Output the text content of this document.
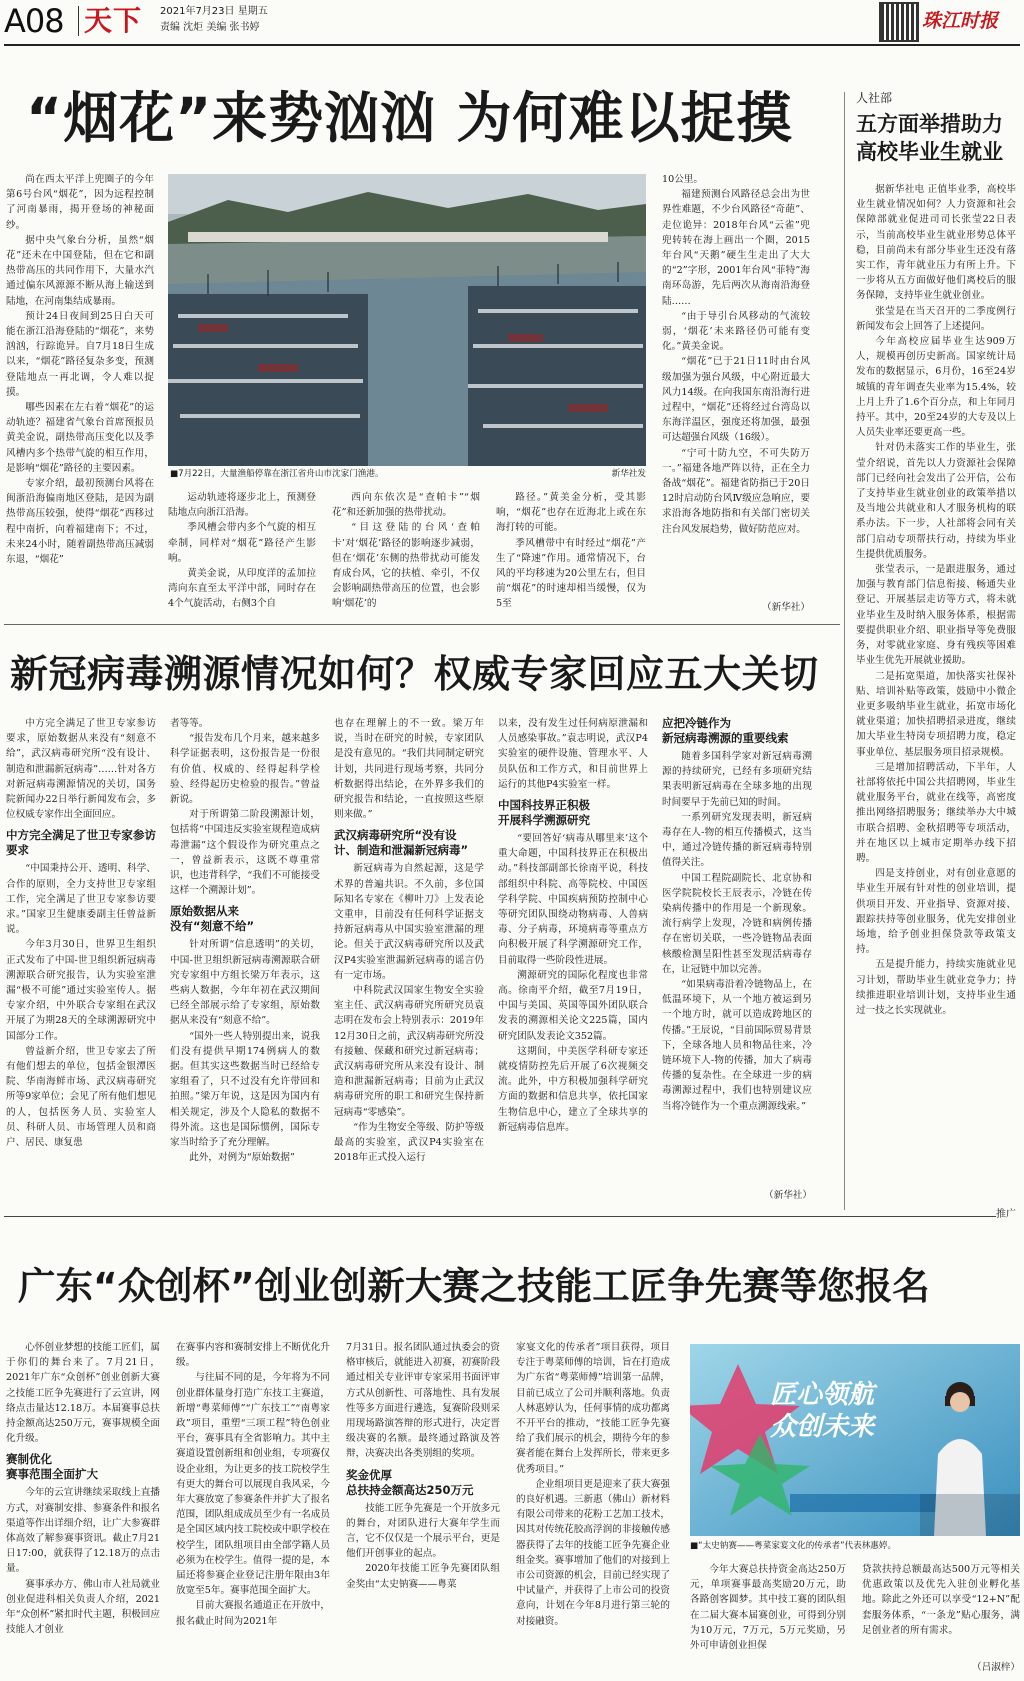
A08 天下 2021年7月23日 星期五
责编 沈炬 美编 张书婷	珠江时报
“烟花”来势汹汹 为何难以捉摸

尚在西太平洋上兜圈子的今年第6号台风“烟花”，因为远程控制了河南暴雨，揭开登场的神秘面纱。

据中央气象台分析，虽然“烟花”还未在中国登陆，但在它和副热带高压的共同作用下，大量水汽通过偏东风源源不断从海上输送到陆地，在河南集结成暴雨。

预计24日夜间到25日白天可能在浙江沿海登陆的“烟花”，来势汹汹，行踪诡异。自7月18日生成以来，“烟花”路径复杂多变，预测登陆地点一再北调，令人难以捉摸。

哪些因素在左右着“烟花”的运动轨迹？福建省气象台首席预报员黄美金说，副热带高压变化以及季风槽内多个热带气旋的相互作用，是影响“烟花”路径的主要因素。

专家介绍，最初预测台风将在闽浙沿海偏南地区登陆，是因为副热带高压较强，使得“烟花”西移过程中南折，向着福建南下；不过，未来24小时，随着副热带高压减弱东退，“烟花”

■7月22日，大量渔船停靠在浙江省舟山市沈家门渔港。	新华社发

运动轨迹将逐步北上，预测登陆地点向浙江沿海。

季风槽会带内多个气旋的相互牵制，同样对“烟花”路径产生影响。

黄美金说，从印度洋的孟加拉湾向东直至太平洋中部，同时存在4个气旋活动，右侧3个自

西向东依次是“查帕卡”“烟花”和还新加强的热带扰动。

“目这登陆的台风‘查帕卡’对‘烟花’路径的影响逐步减弱，但在‘烟花’东侧的热带扰动可能发育成台风，它的扶植、牵引，不仅会影响副热带高压的位置，也会影响‘烟花’的

路径。”黄美金分析，受其影响，“烟花”也存在近海北上或在东海打转的可能。

季风槽带中有时经过“烟花”产生了“降速”作用。通常情况下，台风的平均移速为20公里左右，但目前“烟花”的时速却相当缓慢，仅为5至

10公里。

福建预测台风路径总会出为世界性难题，不少台风路径“奇葩”、走位诡异：2018年台风“云雀”兜兜转转在海上画出一个圈，2015年台风“天鹅”硬生生走出了大大的“2”字形，2001年台风“菲特”海南环岛游，先后两次从海南沿海登陆……

“由于导引台风移动的气流较弱，‘烟花’未来路径仍可能有变化。”黄美金说。

“烟花”已于21日11时由台风级加强为强台风级，中心附近最大风力14级。在向我国东南沿海行进过程中，“烟花”还将经过台湾岛以东海洋温区，强度还将加强，最强可达超强台风级（16级）。

“宁可十防九空，不可失防万一。”福建各地严阵以待，正在全力备战“烟花”。福建省防指已于20日12时启动防台风Ⅳ级应急响应，要求沿海各地防指和有关部门密切关注台风发展趋势，做好防范应对。

（新华社）
人社部
五方面举措助力
高校毕业生就业

据新华社电 正值毕业季，高校毕业生就业情况如何？人力资源和社会保障部就业促进司司长张莹22日表示，当前高校毕业生就业形势总体平稳，目前尚未有部分毕业生还没有落实工作，青年就业压力有所上升。下一步将从五方面做好他们离校后的服务保障，支持毕业生就业创业。

张莹是在当天召开的二季度例行新闻发布会上回答了上述提问。

今年高校应届毕业生达909万人，规模再创历史新高。国家统计局发布的数据显示，6月份，16至24岁城镇的青年调查失业率为15.4%，较上月上升了1.6个百分点，和上年同月持平。其中，20至24岁的大专及以上人员失业率还要更高一些。

针对仍未落实工作的毕业生，张莹介绍说，首先以人力资源社会保障部门已经向社会发出了公开信，公布了支持毕业生就业创业的政策举措以及当地公共就业和人才服务机构的联系办法。下一步，人社部将会同有关部门启动专项帮扶行动，持续为毕业生提供优质服务。

张莹表示，一是跟进服务，通过加强与教育部门信息衔接、畅通失业登记、开展基层走访等方式，将未就业毕业生及时纳入服务体系，根据需要提供职业介绍、职业指导等免费服务，对零就业家庭、身有残疾等困难毕业生优先开展就业援助。

二是拓宽渠道，加快落实社保补贴、培训补贴等政策，鼓励中小微企业更多吸纳毕业生就业，拓宽市场化就业渠道；加快招聘招录进度，继续加大毕业生特岗专项招聘力度，稳定事业单位、基层服务项目招录规模。

三是增加招聘活动，下半年，人社部将依托中国公共招聘网，毕业生就业服务平台，就业在线等，高密度推出网络招聘服务；继续举办大中城市联合招聘、金秋招聘等专项活动，并在地区以上城市定期举办线下招聘。

四是支持创业，对有创业意愿的毕业生开展有针对性的创业培训，提供项目开发、开业指导、资源对接、跟踪扶持等创业服务，优先安排创业场地，给予创业担保贷款等政策支持。

五是提升能力，持续实施就业见习计划，帮助毕业生就业竞争力；持续推进职业培训计划，支持毕业生通过一技之长实现就业。

新冠病毒溯源情况如何？权威专家回应五大关切

中方完全满足了世卫专家参访要求，原始数据从来没有“刻意不给”，武汉病毒研究所“没有设计、制造和泄漏新冠病毒”……针对各方对新冠病毒溯源情况的关切，国务院新闻办22日举行新闻发布会，多位权威专家作出全面回应。

中方完全满足了世卫专家参访要求

“中国秉持公开、透明、科学、合作的原则，全力支持世卫专家组工作，完全满足了世卫专家参访要求。”国家卫生健康委副主任曾益新说。

今年3月30日，世界卫生组织正式发布了中国-世卫组织新冠病毒溯源联合研究报告，认为实验室泄漏“极不可能”通过实验室传人。据专家介绍，中外联合专家组在武汉开展了为期28天的全球溯源研究中国部分工作。

曾益新介绍，世卫专家去了所有他们想去的单位，包括金银潭医院、华南海鲜市场、武汉病毒研究所等9家单位；会见了所有他们想见的人，包括医务人员、实验室人员、科研人员、市场管理人员和商户、居民、康复患

者等等。

“报告发布几个月来，越来越多科学证据表明，这份报告是一份很有价值、权威的、经得起科学检验、经得起历史检验的报告。”曾益新说。

对于所谓第二阶段溯源计划，包括将“中国违反实验室规程造成病毒泄漏”这个假设作为研究重点之一，曾益新表示，这既不尊重常识，也违背科学，“我们不可能接受这样一个溯源计划”。

原始数据从来
没有“刻意不给”

针对所谓“信息透明”的关切，中国-世卫组织新冠病毒溯源联合研究专家组中方组长梁万年表示，这些病人数据，今年年初在武汉期间已经全部展示给了专家组，原始数据从来没有“刻意不给”。

“国外一些人特别提出来，说我们没有提供早期174例病人的数据。但其实这些数据当时已经给专家组看了，只不过没有允许带回和拍照。”梁万年说，这是因为国内有相关规定，涉及个人隐私的数据不得外流。这也是国际惯例，国际专家当时给予了充分理解。

此外，对例为“原始数据”

也存在理解上的不一致。梁万年说，当时在研究的时候，专家团队是没有意见的。“我们共同制定研究计划，共同进行现场考察，共同分析数据得出结论，在外界多我们的研究报告和结论，一直按照这些原则来做。”

武汉病毒研究所“没有设
计、制造和泄漏新冠病毒”

新冠病毒为自然起源，这是学术界的普遍共识。不久前，多位国际知名专家在《柳叶刀》上发表论文重申，目前没有任何科学证据支持新冠病毒从中国实验室泄漏的理论。但关于武汉病毒研究所以及武汉P4实验室泄漏新冠病毒的谣言仍有一定市场。

中科院武汉国家生物安全实验室主任、武汉病毒研究所研究员袁志明在发布会上特别表示：2019年12月30日之前，武汉病毒研究所没有接触、保藏和研究过新冠病毒；武汉病毒研究所从来没有设计、制造和泄漏新冠病毒；目前为止武汉病毒研究所的职工和研究生保持新冠病毒“零感染”。

“作为生物安全等级、防护等级最高的实验室，武汉P4实验室在2018年正式投入运行

以来，没有发生过任何病原泄漏和人员感染事故。”袁志明说，武汉P4实验室的硬件设施、管理水平、人员队伍和工作方式，和目前世界上运行的其他P4实验室一样。

中国科技界正积极
开展科学溯源研究

“要回答好‘病毒从哪里来’这个重大命题，中国科技界正在积极出动。”科技部副部长徐南平说，科技部组织中科院、高等院校、中国医学科学院、中国疾病预防控制中心等研究团队围绕动物病毒、人兽病毒、分子病毒，环境病毒等重点方向积极开展了科学溯源研究工作，目前取得一些阶段性进展。

溯源研究的国际化程度也非常高。徐南平介绍，截至7月19日，中国与美国、英国等国外团队联合发表的溯源相关论文225篇，国内研究团队发表论文352篇。

这期间，中美医学科研专家还就疫情防控先后开展了6次视频交流。此外，中方积极加强科学研究方面的数据和信息共享，依托国家生物信息中心，建立了全球共享的新冠病毒信息库。

应把冷链作为
新冠病毒溯源的重要线索

随着多国科学家对新冠病毒溯源的持续研究，已经有多项研究结果表明新冠病毒在全球多地的出现时间要早于先前已知的时间。

一系列研究发现表明，新冠病毒存在人-物的相互传播模式，这当中，通过冷链传播的新冠病毒特别值得关注。

中国工程院副院长、北京协和医学院院校长王辰表示，冷链在传染病传播中的作用是一个新现象。流行病学上发现，冷链和病例传播存在密切关联，一些冷链物品表面核酸检测呈阳性甚至发现活病毒存在，让冠链中加以完善。

“如果病毒沿着冷链物品上，在低温环境下，从一个地方被运到另一个地方时，就可以造成跨地区的传播。”王辰说，“目前国际贸易背景下，全球各地人员和物品往来，冷链环境下人-物的传播，加大了病毒传播的复杂性。在全球进一步的病毒溯源过程中，我们也特别建议应当将冷链作为一个重点溯源线索。”

（新华社）
推广
广东“众创杯”创业创新大赛之技能工匠争先赛等您报名

心怀创业梦想的技能工匠们，属于你们的舞台来了。7月21日，2021年广东“众创杯”创业创新大赛之技能工匠争先赛进行了云宣讲，网络点击量达12.18万。本届赛事总扶持金额高达250万元，赛事规模全面化升级。

赛制优化
赛事范围全面扩大

今年的云宣讲继续采取线上直播方式，对赛制安排、参赛条件和报名渠道等作出详细介绍，让广大参赛群体高效了解参赛事资讯。截止7月21日17:00，就获得了12.18万的点击量。

赛事承办方、佛山市人社局就业创业促进科相关负责人介绍，2021年“众创杯”紧扣时代主题，积极回应技能人才创业

在赛事内容和赛制安排上不断优化升级。

与往届不同的是，今年将为不同创业群体量身打造广东技工主赛道，新增“粤菜师傅”“广东技工”“南粤家政”项目，重塑“三项工程”特色创业平台，赛事具有全省影响力。其中主赛道设置创新组和创业组，专项赛仅设企业组，为让更多的技工院校学生有更大的舞台可以展现自我风采，今年大赛放宽了参赛条件并扩大了报名范围，团队组成成员至少有一名成员是全国区域内技工院校或中职学校在校学生，团队组项目由全部学籍人员必须为在校学生。值得一提的是，本届还将参赛企业登记注册年限由3年放宽至5年。赛事范围全面扩大。

目前大赛报名通道正在开放中，报名截止时间为2021年

7月31日。报名团队通过执委会的资格审核后，就能进入初赛，初赛阶段通过相关专业评审专家采用书面评审方式从创新性、可落地性、具有发展性等多方面进行遴选，复赛阶段则采用现场路演答辩的形式进行，决定晋级决赛的名额。最终通过路演及答辩，决赛决出各类别组的奖项。

奖金优厚
总扶持金额高达250万元

技能工匠争先赛是一个开放多元的舞台，对团队进行大赛年学生而言，它不仅仅是一个展示平台，更是他们开创事业的起点。

2020年技能工匠争先赛团队组金奖由“太史钠赛——粤菜

家宴文化的传承者”项目获得，项目专注于粤菜师傅的培训，旨在打造成为广东省“粤菜师傅”培训第一品牌，目前已成立了公司并顺利落地。负责人林惠婷认为，任何事情的成功都离不开平台的推动，“技能工匠争先赛给了我们展示的机会，期待今年的参赛者能在舞台上发挥所长，带来更多优秀项目。”

企业组项目更是迎来了获大赛强的良好机遇。三新惠（佛山）新材料有限公司带来的花粉工艺加工技术，因其对传统花胶高浮润的非接触传感器获得了去年的技能工匠争先赛企业组金奖。赛事增加了他们的对接到上市公司资源的机会，目前已经实现了中试量产，并获得了上市公司的投资意向，计划在今年8月进行第三轮的对接融资。

匠心领航
众创未来
■“太史钠赛——粤菜家宴文化的传承者”代表林惠婷。

今年大赛总扶持资金高达250万元，单项赛事最高奖励20万元，助各路创客圆梦。其中技工赛的团队组在二届大赛本届赛创业，可得到分别为10万元，7万元，5万元奖励，另外可申请创业担保

贷款扶持总额最高达500万元等相关优惠政策以及优先入驻创业孵化基地。除此之外还可以享受“12+N”配套服务体系，“一条龙”贴心服务，满足创业者的所有需求。

（吕淑梓）
